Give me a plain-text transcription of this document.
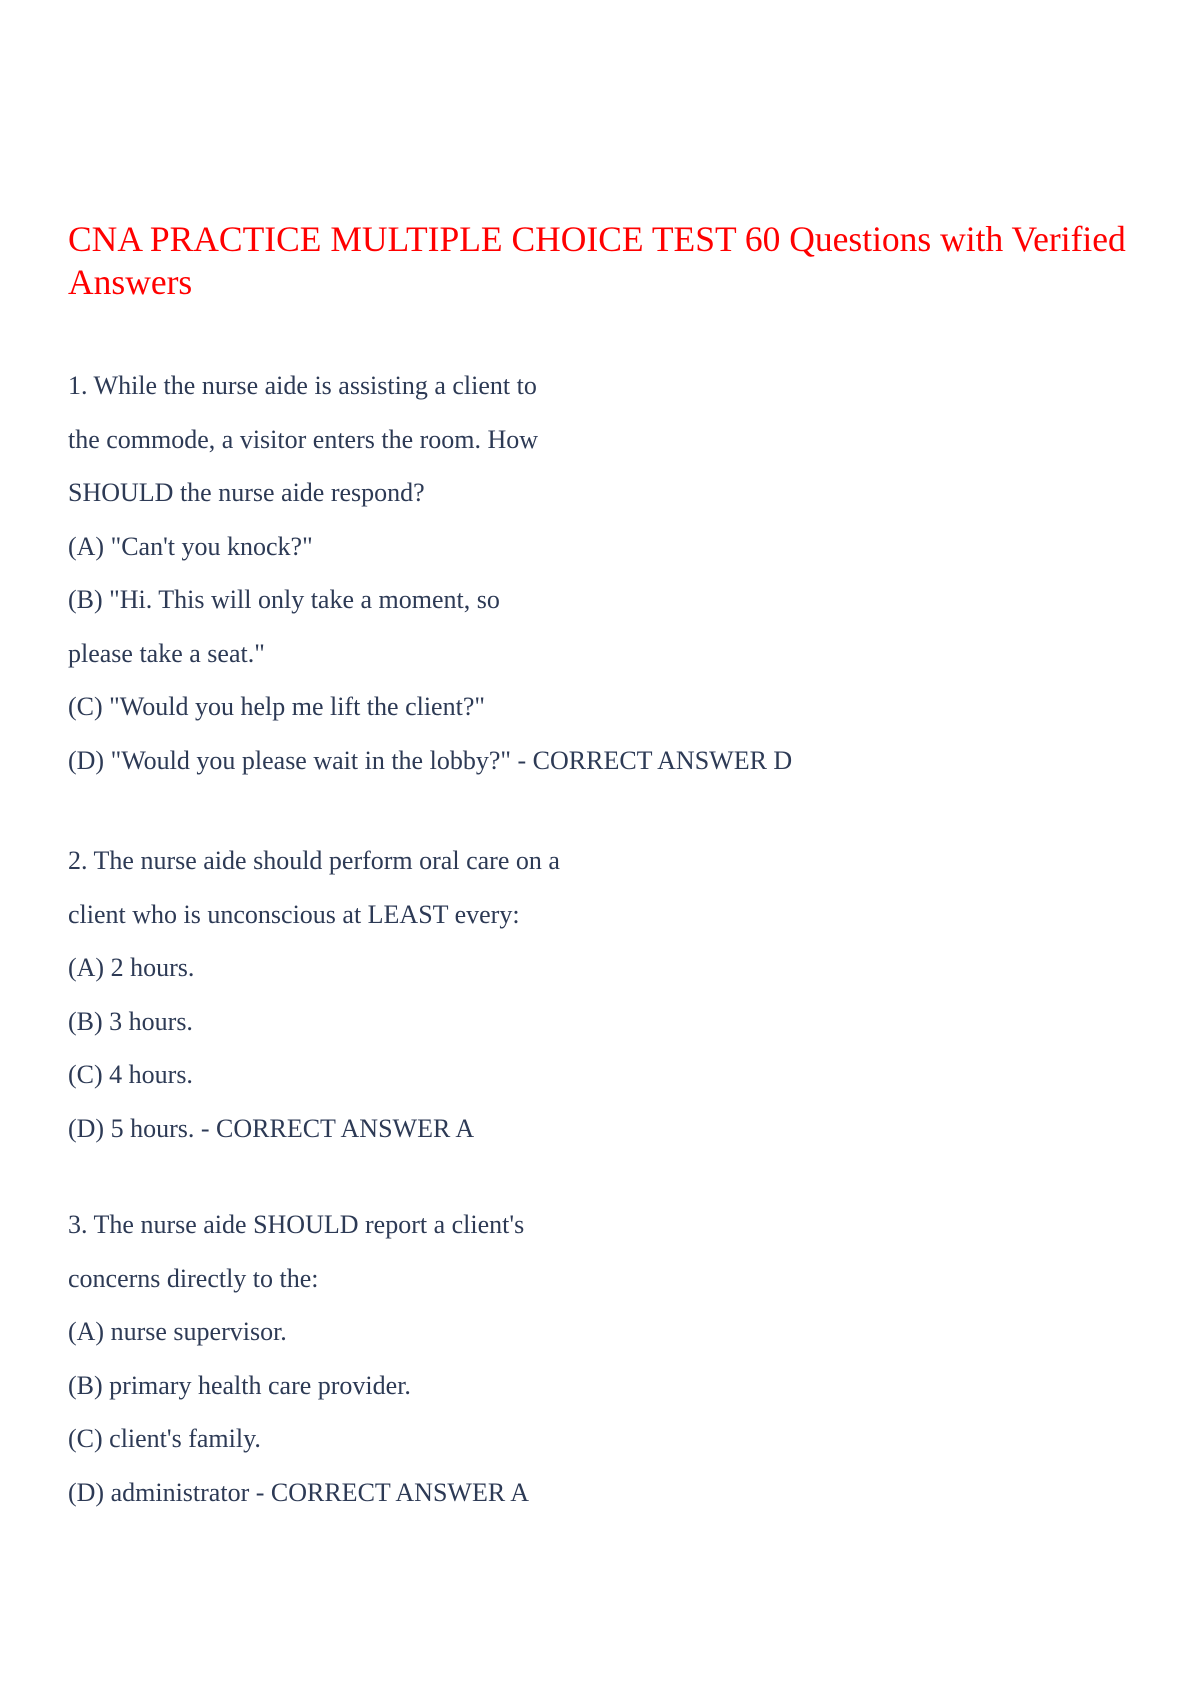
CNA PRACTICE MULTIPLE CHOICE TEST 60 Questions with Verified Answers
1. While the nurse aide is assisting a client to
the commode, a visitor enters the room. How
SHOULD the nurse aide respond?
(A) "Can't you knock?"
(B) "Hi. This will only take a moment, so
please take a seat."
(C) "Would you help me lift the client?"
(D) "Would you please wait in the lobby?" - CORRECT ANSWER D
2. The nurse aide should perform oral care on a
client who is unconscious at LEAST every:
(A) 2 hours.
(B) 3 hours.
(C) 4 hours.
(D) 5 hours. - CORRECT ANSWER A
3. The nurse aide SHOULD report a client's
concerns directly to the:
(A) nurse supervisor.
(B) primary health care provider.
(C) client's family.
(D) administrator - CORRECT ANSWER A
